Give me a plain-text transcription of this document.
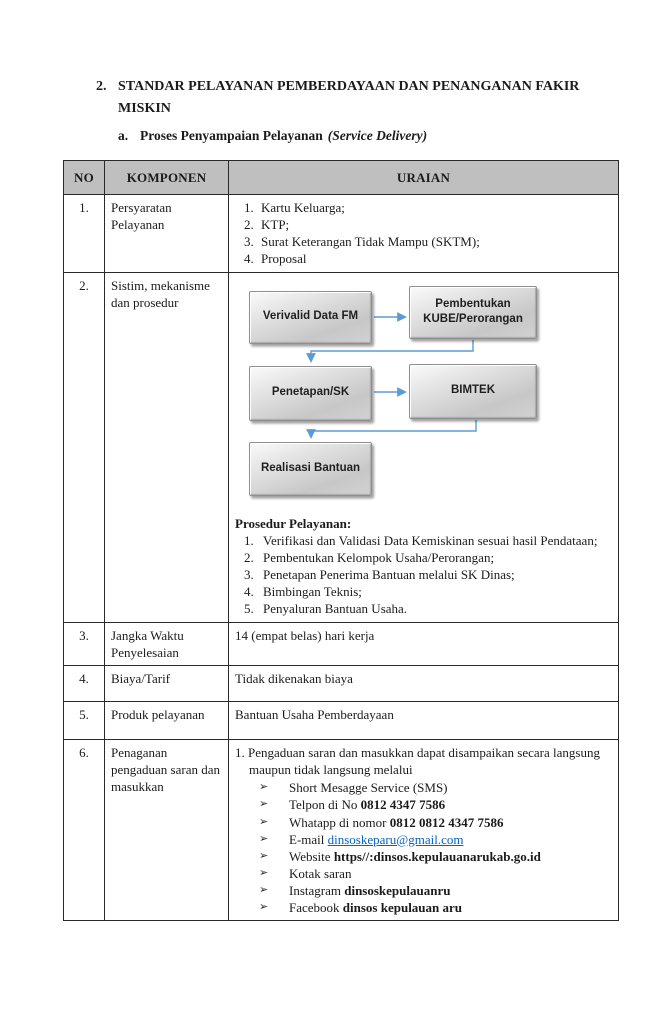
2. STANDAR PELAYANAN PEMBERDAYAAN DAN PENANGANAN FAKIR MISKIN
a. Proses Penyampaian Pelayanan (Service Delivery)
NO	KOMPONEN	URAIAN
1.	Persyaratan Pelayanan	
1. Kartu Keluarga;
2. KTP;
3. Surat Keterangan Tidak Mampu (SKTM);
4. Proposal

2.	Sistim, mekanisme dan prosedur	
Verivalid Data FM
Pembentukan KUBE/Perorangan
Penetapan/SK	BIMTEK
Realisasi Bantuan
Prosedur Pelayanan:
1. Verifikasi dan Validasi Data Kemiskinan sesuai hasil Pendataan;
2. Pembentukan Kelompok Usaha/Perorangan;
3. Penetapan Penerima Bantuan melalui SK Dinas;
4. Bimbingan Teknis;
5. Penyaluran Bantuan Usaha.

3.	Jangka Waktu Penyelesaian	14 (empat belas) hari kerja
4.	Biaya/Tarif	Tidak dikenakan biaya
5.	Produk pelayanan	Bantuan Usaha Pemberdayaan
6.	Penaganan pengaduan saran dan masukkan	
1. Pengaduan saran dan masukkan dapat disampaikan secara langsung maupun tidak langsung melalui
➢	Short Mesagge Service (SMS)
➢	Telpon di No 0812 4347 7586
➢	Whatapp di nomor 0812 0812 4347 7586
➢	E-mail dinsoskeparu@gmail.com
➢	Website https//:dinsos.kepulauanarukab.go.id
➢	Kotak saran
➢	Instagram dinsoskepulauanru
➢	Facebook dinsos kepulauan aru
